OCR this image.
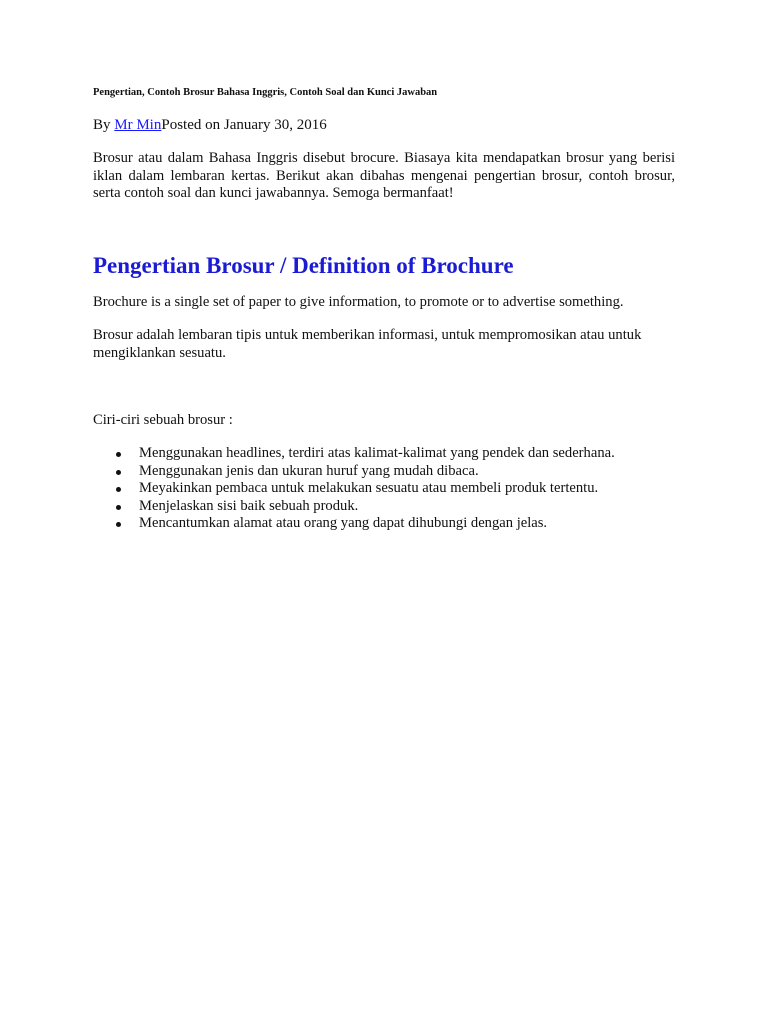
Pengertian, Contoh Brosur Bahasa Inggris, Contoh Soal dan Kunci Jawaban
By Mr MinPosted on January 30, 2016

Brosur atau dalam Bahasa Inggris disebut brocure. Biasaya kita mendapatkan brosur yang berisi iklan dalam lembaran kertas. Berikut akan dibahas mengenai pengertian brosur, contoh brosur, serta contoh soal dan kunci jawabannya. Semoga bermanfaat!

Pengertian Brosur / Definition of Brochure

Brochure is a single set of paper to give information, to promote or to advertise something.

Brosur adalah lembaran tipis untuk memberikan informasi, untuk mempromosikan atau untuk mengiklankan sesuatu.

Ciri-ciri sebuah brosur :

Menggunakan headlines, terdiri atas kalimat-kalimat yang pendek dan sederhana.
Menggunakan jenis dan ukuran huruf yang mudah dibaca.
Meyakinkan pembaca untuk melakukan sesuatu atau membeli produk tertentu.
Menjelaskan sisi baik sebuah produk.
Mencantumkan alamat atau orang yang dapat dihubungi dengan jelas.
